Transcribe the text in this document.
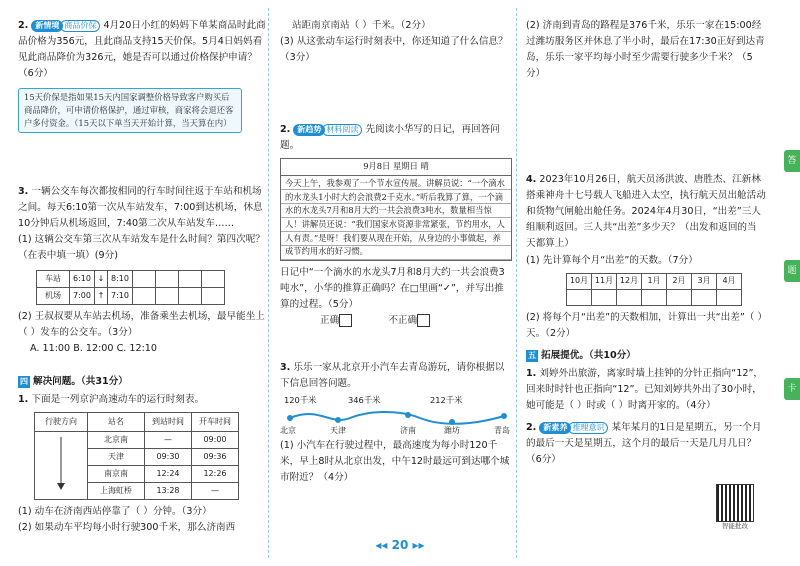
2. 新情境 商品价保 4月20日小红的妈妈下单某商品时此商品价格为356元，且此商品支持15天价保。5月4日妈妈看见此商品降价为326元，她是否可以通过价格保护申请？（6分）

15天价保是指如果15天内国家调整价格导致客户购买后商品降价，可申请价格保护，通过审核，商家将会退还客户多付资金。（15天以下单当天开始计算，当天算在内）

3. 一辆公交车每次都按相同的行车时间往返于车站和机场之间。每天6:10第一次从车站发车，7:00到达机场，休息10分钟后从机场返回，7:40第二次从车站发车……

(1) 这辆公交车第三次从车站发车是什么时间？第四次呢？（在表中填一填）(9分)

车站	6:10	↓	8:10				
机场	7:00	↑	7:10				

(2) 王叔叔要从车站去机场，准备乘坐去机场，最早能坐上（ ）发车的公交车。（3分）

A. 11:00 B. 12:00 C. 12:10

四 解决问题。（共31分）

1. 下面是一列京沪高速动车的运行时刻表。

行驶方向	站名	到站时间	开车时间
	北京南	—	09:00
	天津	09:30	09:36
	南京南	12:24	12:26
	上海虹桥	13:28	—

(1) 动车在济南西站停靠了（ ）分钟。（3分）

(2) 如果动车平均每小时行驶300千米，那么济南西

站距南京南站（ ）千米。（2分）

(3) 从这张动车运行时刻表中，你还知道了什么信息？（3分）

2. 新趋势 材料阅读 先阅读小华写的日记，再回答问题。

9月8日 星期日 晴
今天上午，我参观了一个节水宣传展。讲解员说：“一个滴水的水龙头1小时大约会浪费2千克水。”听后我算了算，一个滴水的水龙头7月和8月大约一共会浪费3吨水，数量相当惊人！讲解员还说：“我们国家水资源非常紧张，节约用水，人人有责。”是呀！我们要从现在开始，从身边的小事做起，养成节约用水的好习惯。

日记中“一个滴水的水龙头7月和8月大约一共会浪费3吨水”，小华的推算正确吗？在□里画“✓”，并写出推算的过程。（5分）

正确	不正确

3. 乐乐一家从北京开小汽车去青岛游玩，请你根据以下信息回答问题。

120千米	346千米	212千米
北京	天津	济南	潍坊	青岛

(1) 小汽车在行驶过程中，最高速度为每小时120千米，早上8时从北京出发，中午12时最远可到达哪个城市附近？（4分）

(2) 济南到青岛的路程是376千米，乐乐一家在15:00经过潍坊服务区并休息了半小时，最后在17:30正好到达青岛，乐乐一家平均每小时至少需要行驶多少千米？（5分）

4. 2023年10月26日，航天员汤洪波、唐胜杰、江新林搭乘神舟十七号载人飞船进入太空，执行航天员出舱活动和货物气闸舱出舱任务。2024年4月30日，“出差”三人组顺利返回。三人共“出差”多少天？（出发和返回的当天都算上）

(1) 先计算每个月“出差”的天数。（7分）

10月	11月	12月	1月	2月	3月	4月

(2) 将每个月“出差”的天数相加，计算出一共“出差”（ ）天。（2分）

五 拓展提优。（共10分）

1. 刘婷外出旅游，离家时墙上挂钟的分针正指向“12”，回来时时针也正指向“12”。已知刘婷共外出了30小时，她可能是（ ）时或（ ）时离开家的。（4分）

2. 新素养 推理意识 某年某月的1日是星期五，另一个月的最后一天是星期五，这个月的最后一天是几月几日？（6分）

答
题
卡
智能批改
◂◂ 20 ▸▸
